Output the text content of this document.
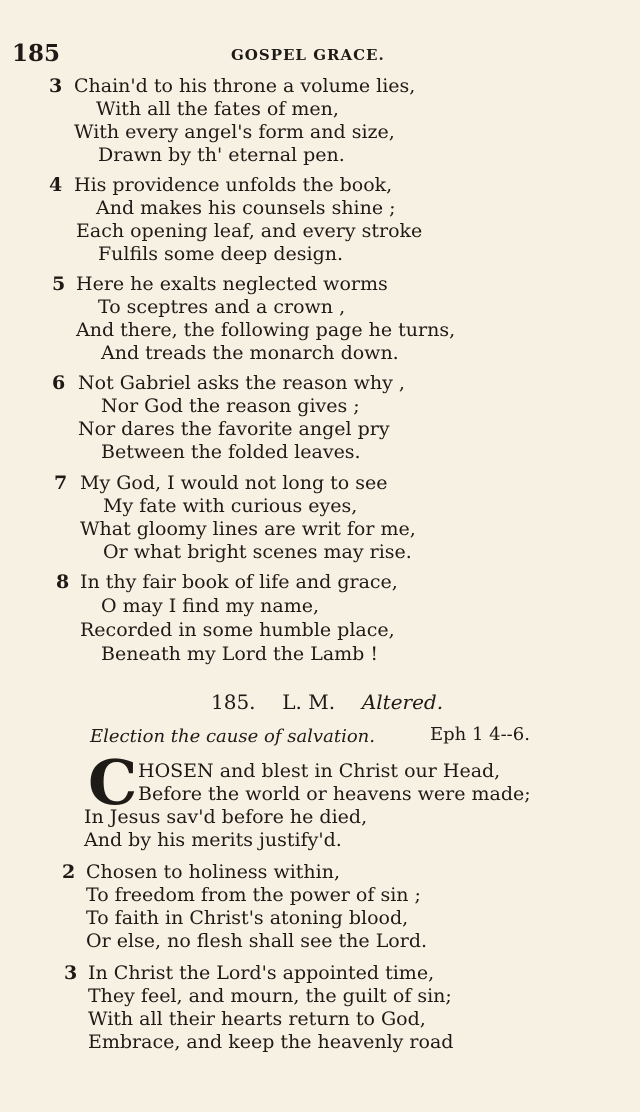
185	GOSPEL GRACE.
3 Chain'd to his throne a volume lies,
With all the fates of men,
With every angel's form and size,
Drawn by th' eternal pen.
4 His providence unfolds the book,
And makes his counsels shine ;
Each opening leaf, and every stroke
Fulfils some deep design.
5 Here he exalts neglected worms
To sceptres and a crown ,
And there, the following page he turns,
And treads the monarch down.
6 Not Gabriel asks the reason why ,
Nor God the reason gives ;
Nor dares the favorite angel pry
Between the folded leaves.
7 My God, I would not long to see
My fate with curious eyes,
What gloomy lines are writ for me,
Or what bright scenes may rise.
8 In thy fair book of life and grace,
O may I find my name,
Recorded in some humble place,
Beneath my Lord the Lamb !
185. L. M. Altered.
Election the cause of salvation.	Eph 1 4--6.
C HOSEN and blest in Christ our Head,
Before the world or heavens were made;
In Jesus sav'd before he died,
And by his merits justify'd.
2 Chosen to holiness within,
To freedom from the power of sin ;
To faith in Christ's atoning blood,
Or else, no flesh shall see the Lord.
3 In Christ the Lord's appointed time,
They feel, and mourn, the guilt of sin;
With all their hearts return to God,
Embrace, and keep the heavenly road
